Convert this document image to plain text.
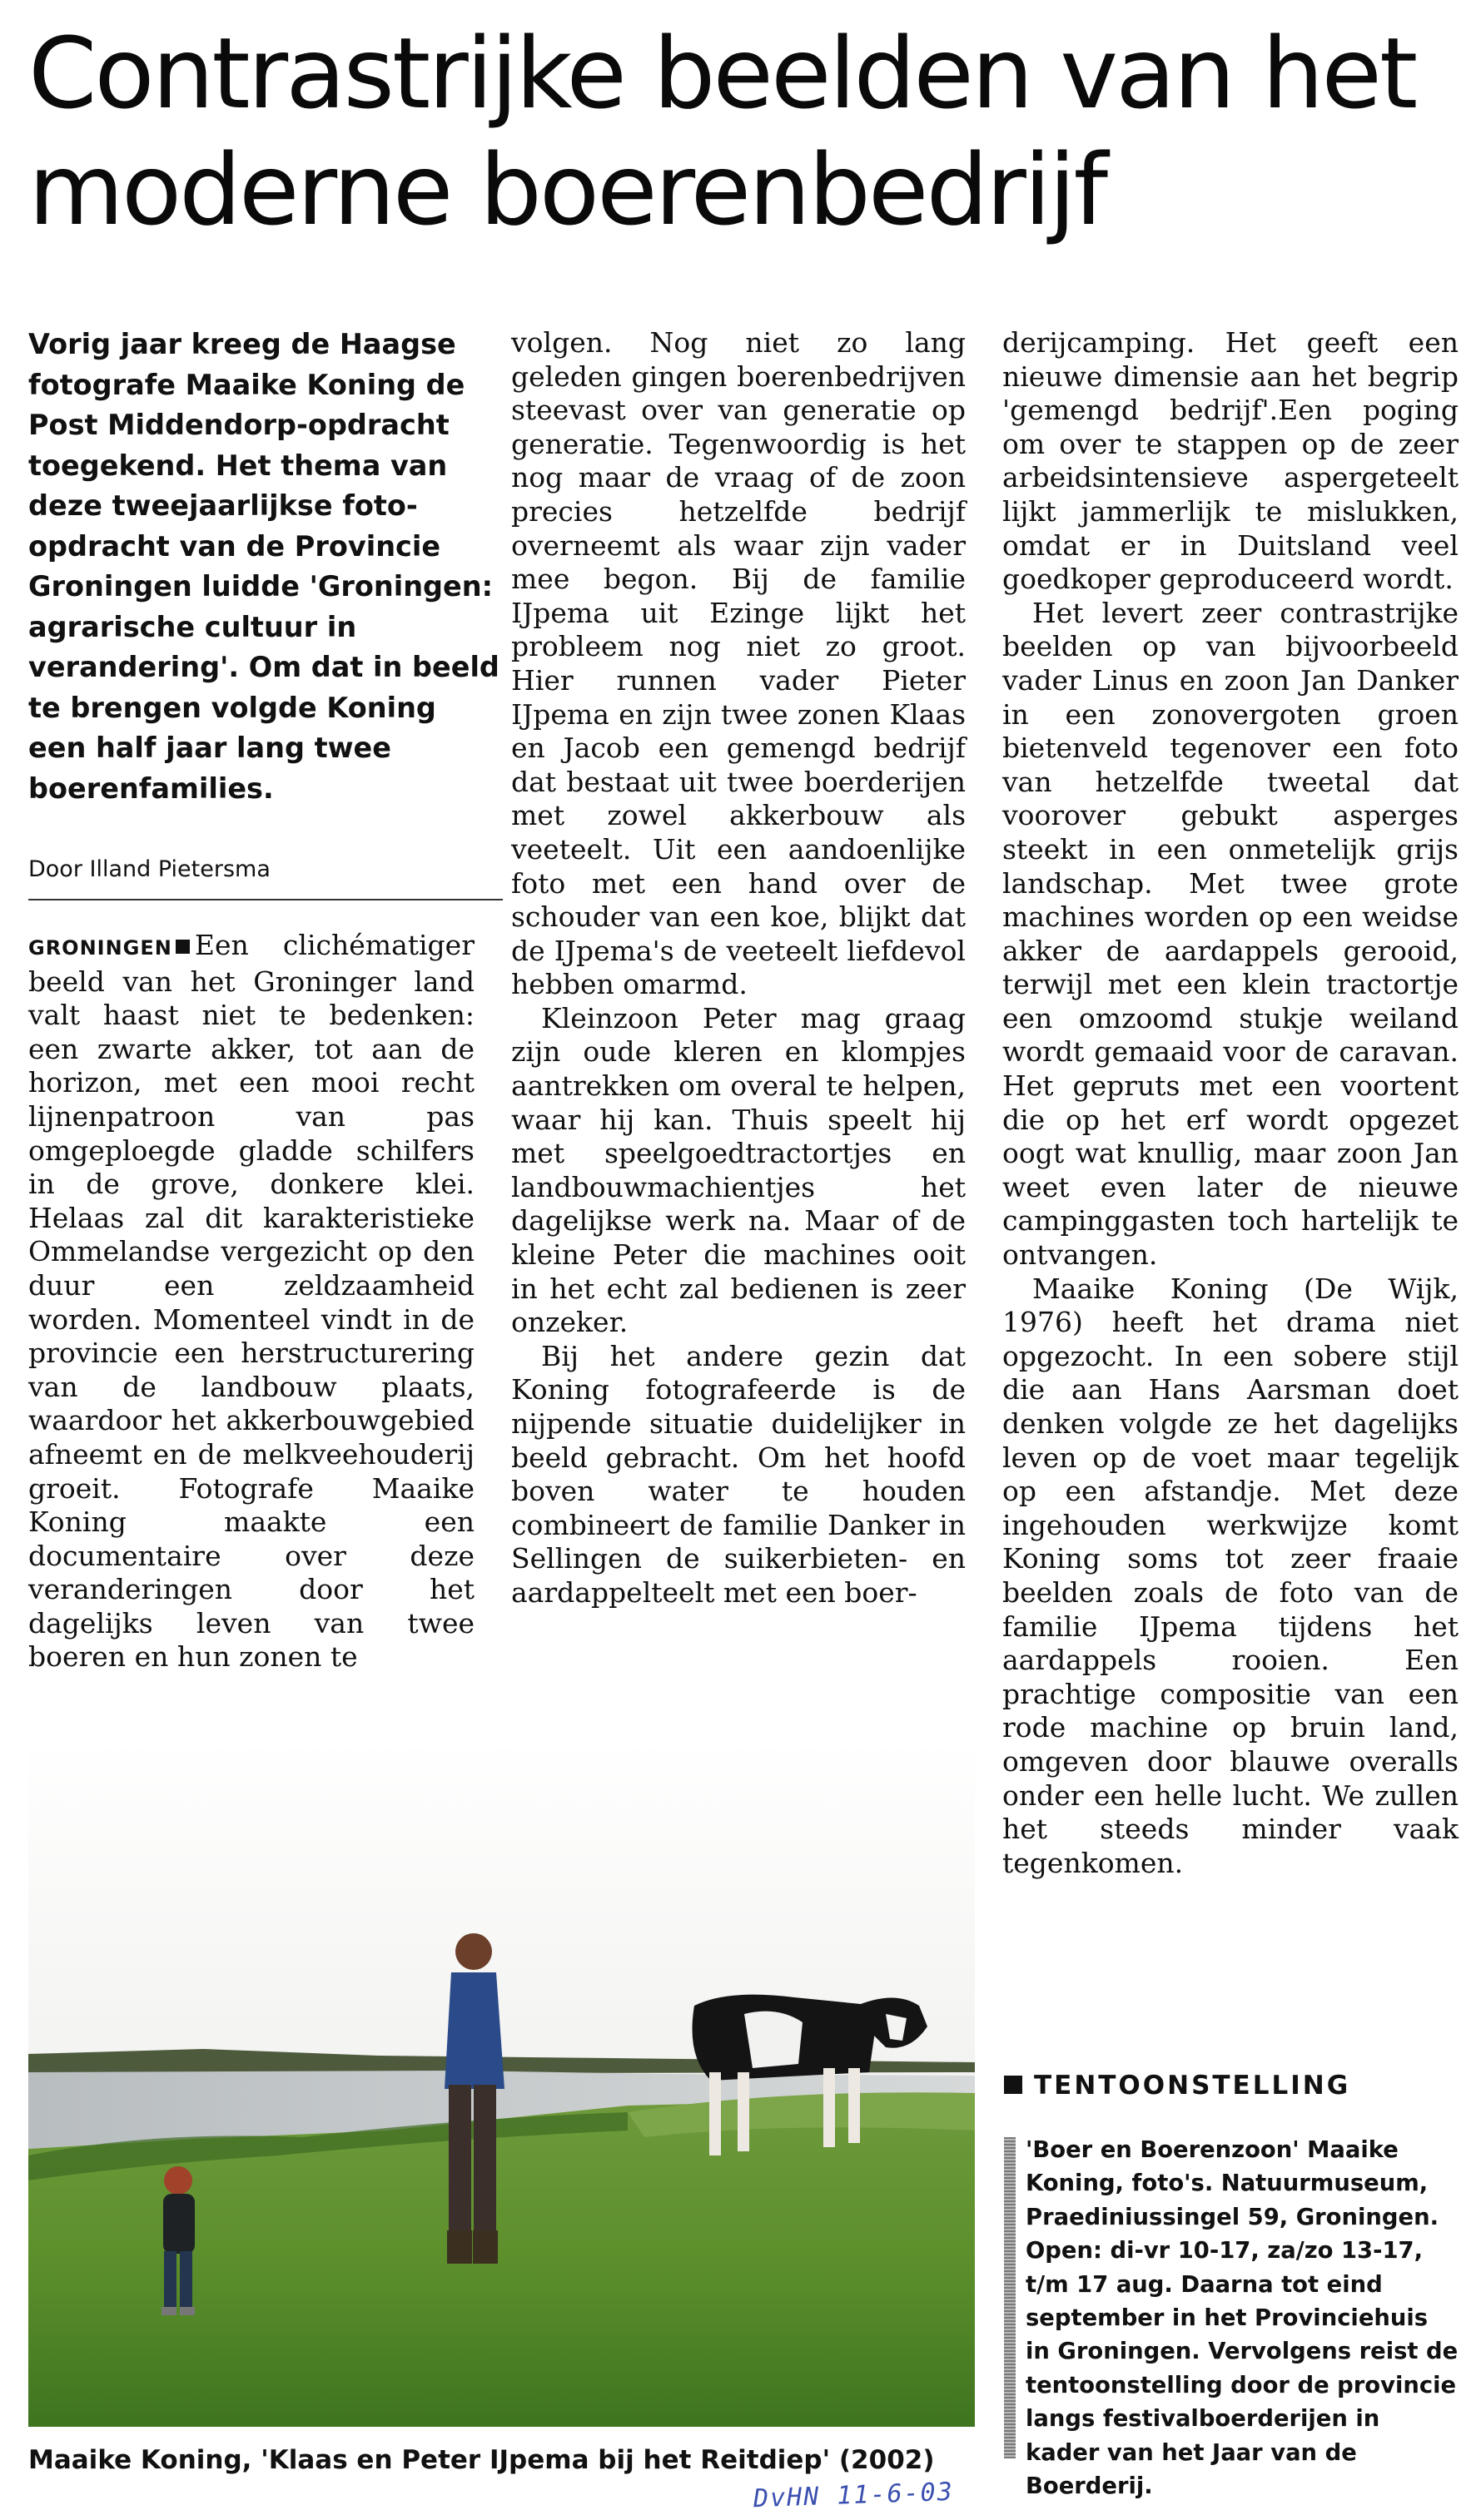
Contrastrijke beelden van het moderne boerenbedrijf

Vorig jaar kreeg de Haagse fotografe Maaike Koning de Post Middendorp-opdracht toegekend. Het thema van deze tweejaarlijkse foto-opdracht van de Provincie Groningen luidde 'Groningen: agrarische cultuur in verandering'. Om dat in beeld te brengen volgde Koning een half jaar lang twee boerenfamilies.

Door Illand Pietersma

GRONINGEN Een clichématiger beeld van het Groninger land valt haast niet te bedenken: een zwarte akker, tot aan de horizon, met een mooi recht lijnenpatroon van pas omgeploegde gladde schilfers in de grove, donkere klei. Helaas zal dit karakteristieke Ommelandse vergezicht op den duur een zeldzaamheid worden. Momenteel vindt in de provincie een herstructurering van de landbouw plaats, waardoor het akkerbouwgebied afneemt en de melkveehouderij groeit. Fotografe Maaike Koning maakte een documentaire over deze veranderingen door het dagelijks leven van twee boeren en hun zonen te

volgen. Nog niet zo lang geleden gingen boerenbedrijven steevast over van generatie op generatie. Tegenwoordig is het nog maar de vraag of de zoon precies hetzelfde bedrijf overneemt als waar zijn vader mee begon. Bij de familie IJpema uit Ezinge lijkt het probleem nog niet zo groot. Hier runnen vader Pieter IJpema en zijn twee zonen Klaas en Jacob een gemengd bedrijf dat bestaat uit twee boerderijen met zowel akkerbouw als veeteelt. Uit een aandoenlijke foto met een hand over de schouder van een koe, blijkt dat de IJpema's de veeteelt liefdevol hebben omarmd.

Kleinzoon Peter mag graag zijn oude kleren en klompjes aantrekken om overal te helpen, waar hij kan. Thuis speelt hij met speelgoedtractortjes en landbouwmachientjes het dagelijkse werk na. Maar of de kleine Peter die machines ooit in het echt zal bedienen is zeer onzeker.

Bij het andere gezin dat Koning fotografeerde is de nijpende situatie duidelijker in beeld gebracht. Om het hoofd boven water te houden combineert de familie Danker in Sellingen de suikerbieten- en aardappelteelt met een boer-

derijcamping. Het geeft een nieuwe dimensie aan het begrip 'gemengd bedrijf'.Een poging om over te stappen op de zeer arbeidsintensieve aspergeteelt lijkt jammerlijk te mislukken, omdat er in Duitsland veel goedkoper geproduceerd wordt.

Het levert zeer contrastrijke beelden op van bijvoorbeeld vader Linus en zoon Jan Danker in een zonovergoten groen bietenveld tegenover een foto van hetzelfde tweetal dat voorover gebukt asperges steekt in een onmetelijk grijs landschap. Met twee grote machines worden op een weidse akker de aardappels gerooid, terwijl met een klein tractortje een omzoomd stukje weiland wordt gemaaid voor de caravan. Het gepruts met een voortent die op het erf wordt opgezet oogt wat knullig, maar zoon Jan weet even later de nieuwe campinggasten toch hartelijk te ontvangen.

Maaike Koning (De Wijk, 1976) heeft het drama niet opgezocht. In een sobere stijl die aan Hans Aarsman doet denken volgde ze het dagelijks leven op de voet maar tegelijk op een afstandje. Met deze ingehouden werkwijze komt Koning soms tot zeer fraaie beelden zoals de foto van de familie IJpema tijdens het aardappels rooien. Een prachtige compositie van een rode machine op bruin land, omgeven door blauwe overalls onder een helle lucht. We zullen het steeds minder vaak tegenkomen.

Maaike Koning, 'Klaas en Peter IJpema bij het Reitdiep' (2002)

TENTOONSTELLING

'Boer en Boerenzoon' Maaike Koning, foto's. Natuurmuseum, Praediniussingel 59, Groningen. Open: di-vr 10-17, za/zo 13-17, t/m 17 aug. Daarna tot eind september in het Provinciehuis in Groningen. Vervolgens reist de tentoonstelling door de provincie langs festivalboerderijen in kader van het Jaar van de Boerderij.

DvHN 11-6-03
